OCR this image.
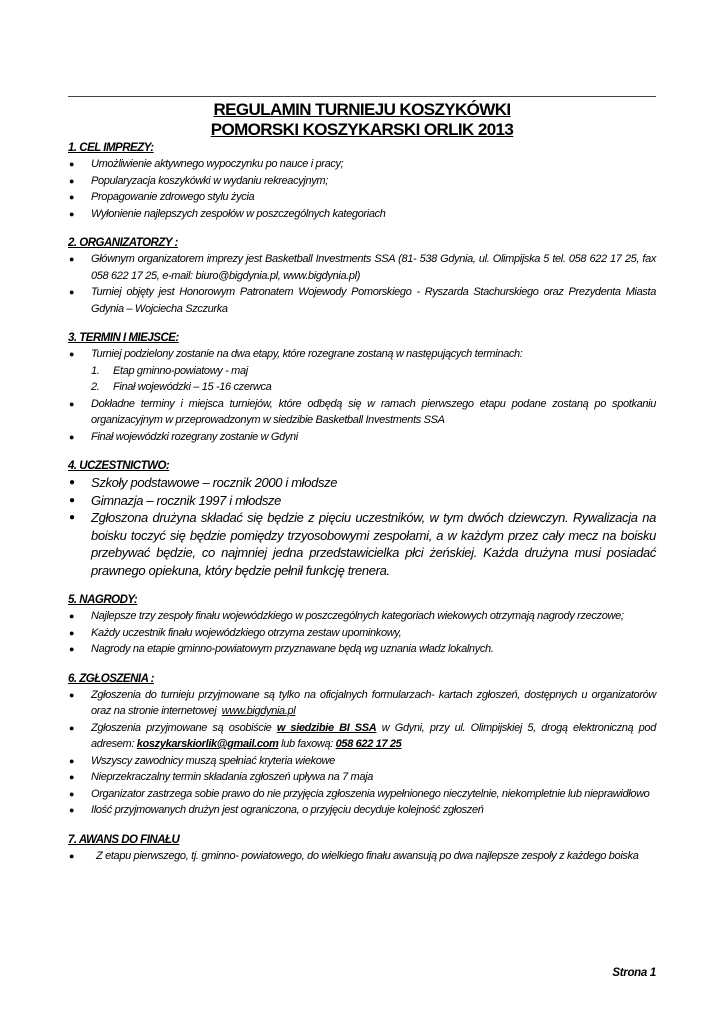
REGULAMIN TURNIEJU KOSZYKÓWKI
POMORSKI KOSZYKARSKI ORLIK 2013

1. CEL IMPREZY:

● Umożliwienie aktywnego wypoczynku po nauce i pracy;
● Popularyzacja koszykówki w wydaniu rekreacyjnym;
● Propagowanie zdrowego stylu życia
● Wyłonienie najlepszych zespołów w poszczególnych kategoriach

2. ORGANIZATORZY :

● Głównym organizatorem imprezy jest Basketball Investments SSA (81- 538 Gdynia, ul. Olimpijska 5 tel. 058 622 17 25, fax 058 622 17 25, e-mail: biuro@bigdynia.pl, www.bigdynia.pl)
● Turniej objęty jest Honorowym Patronatem Wojewody Pomorskiego - Ryszarda Stachurskiego oraz Prezydenta Miasta Gdynia – Wojciecha Szczurka

3. TERMIN I MIEJSCE:

● Turniej podzielony zostanie na dwa etapy, które rozegrane zostaną w następujących terminach:
1. Etap gminno-powiatowy - maj
2. Finał wojewódzki – 15 -16 czerwca
● Dokładne terminy i miejsca turniejów, które odbędą się w ramach pierwszego etapu podane zostaną po spotkaniu organizacyjnym w przeprowadzonym w siedzibie Basketball Investments SSA
● Finał wojewódzki rozegrany zostanie w Gdyni

4. UCZESTNICTWO:

● Szkoły podstawowe – rocznik 2000 i młodsze
● Gimnazja – rocznik 1997 i młodsze
● Zgłoszona drużyna składać się będzie z pięciu uczestników, w tym dwóch dziewczyn. Rywalizacja na boisku toczyć się będzie pomiędzy trzyosobowymi zespołami, a w każdym przez cały mecz na boisku przebywać będzie, co najmniej jedna przedstawicielka płci żeńskiej. Każda drużyna musi posiadać prawnego opiekuna, który będzie pełnił funkcję trenera.

5. NAGRODY:

● Najlepsze trzy zespoły finału wojewódzkiego w poszczególnych kategoriach wiekowych otrzymają nagrody rzeczowe;
● Każdy uczestnik finału wojewódzkiego otrzyma zestaw upominkowy,
● Nagrody na etapie gminno-powiatowym przyznawane będą wg uznania władz lokalnych.

6. ZGŁOSZENIA :

● Zgłoszenia do turnieju przyjmowane są tylko na oficjalnych formularzach- kartach zgłoszeń, dostępnych u organizatorów oraz na stronie internetowej www.bigdynia.pl
● Zgłoszenia przyjmowane są osobiście w siedzibie BI SSA w Gdyni, przy ul. Olimpijskiej 5, drogą elektroniczną pod adresem: koszykarskiorlik@gmail.com lub faxową: 058 622 17 25
● Wszyscy zawodnicy muszą spełniać kryteria wiekowe
● Nieprzekraczalny termin składania zgłoszeń upływa na 7 maja
● Organizator zastrzega sobie prawo do nie przyjęcia zgłoszenia wypełnionego nieczytelnie, niekompletnie lub nieprawidłowo
● Ilość przyjmowanych drużyn jest ograniczona, o przyjęciu decyduje kolejność zgłoszeń

7. AWANS DO FINAŁU

● Z etapu pierwszego, tj. gminno- powiatowego, do wielkiego finału awansują po dwa najlepsze zespoły z każdego boiska
Strona 1
